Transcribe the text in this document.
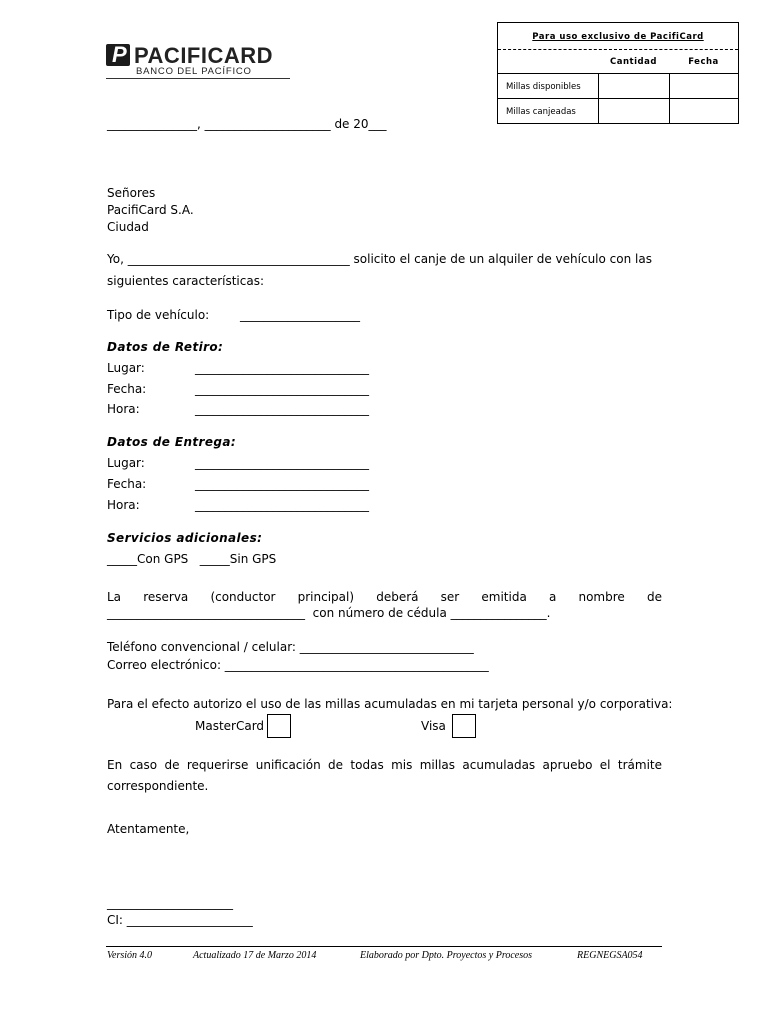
P PACIFICARD
BANCO DEL PACÍFICO
Para uso exclusivo de PacifiCard
Cantidad	Fecha
Millas disponibles
Millas canjeadas
_______________, _____________________ de 20___
Señores
PacifiCard S.A.
Ciudad
Yo, _____________________________________ solicito el canje de un alquiler de vehículo con las
siguientes características:
Tipo de vehículo:	____________________
Datos de Retiro:
Lugar:	_____________________________
Fecha:	_____________________________
Hora:	_____________________________
Datos de Entrega:
Lugar:	_____________________________
Fecha:	_____________________________
Hora:	_____________________________
Servicios adicionales:
_____Con GPS   _____Sin GPS
La reserva (conductor principal) deberá ser emitida a nombre de
_________________________________  con número de cédula ________________.
Teléfono convencional / celular: _____________________________
Correo electrónico: ____________________________________________
Para el efecto autorizo el uso de las millas acumuladas en mi tarjeta personal y/o corporativa:
MasterCard	Visa
En caso de requerirse unificación de todas mis millas acumuladas apruebo el trámite
correspondiente.
Atentamente,
_____________________
CI: _____________________
Versión 4.0	Actualizado 17 de Marzo 2014	Elaborado por Dpto. Proyectos y Procesos	REGNEGSA054
